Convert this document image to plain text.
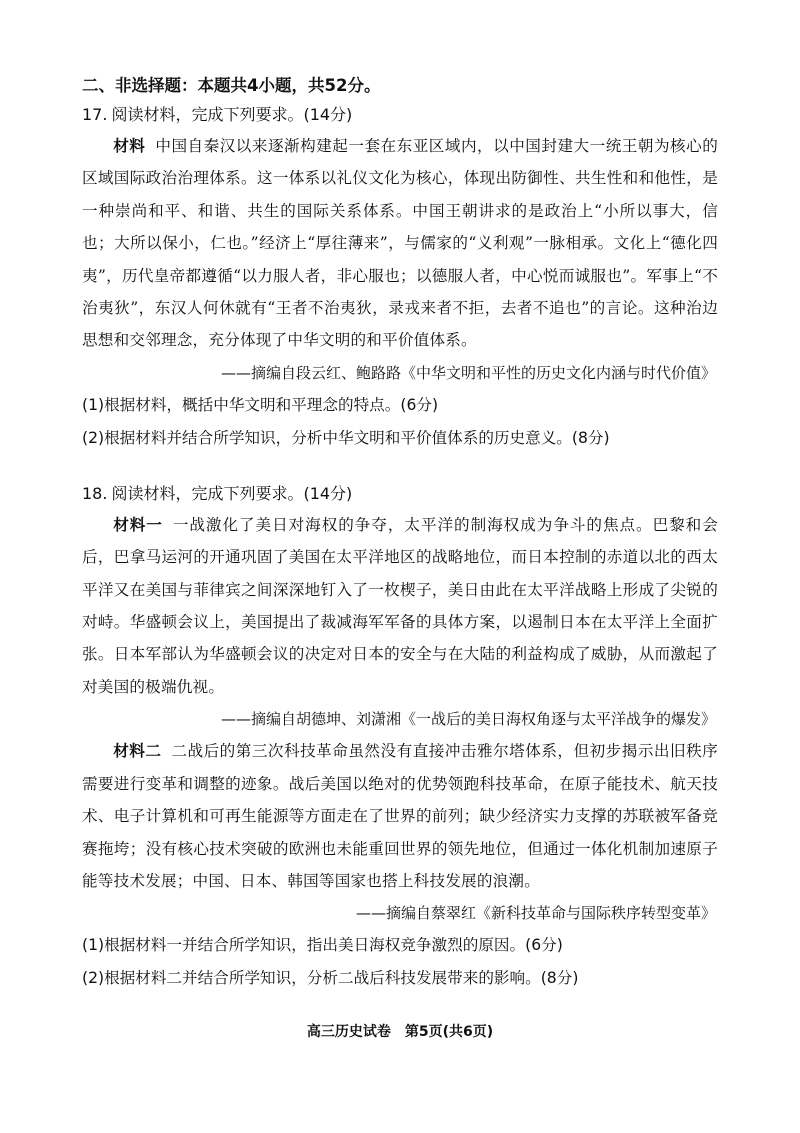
二、非选择题：本题共4小题，共52分。

17. 阅读材料，完成下列要求。(14分)

材料 中国自秦汉以来逐渐构建起一套在东亚区域内，以中国封建大一统王朝为核心的区域国际政治治理体系。这一体系以礼仪文化为核心，体现出防御性、共生性和和他性，是一种崇尚和平、和谐、共生的国际关系体系。中国王朝讲求的是政治上“小所以事大，信也；大所以保小，仁也。”经济上“厚往薄来”，与儒家的“义利观”一脉相承。文化上“德化四夷”，历代皇帝都遵循“以力服人者，非心服也；以德服人者，中心悦而诚服也”。军事上“不治夷狄”，东汉人何休就有“王者不治夷狄，录戎来者不拒，去者不追也”的言论。这种治边思想和交邻理念，充分体现了中华文明的和平价值体系。

——摘编自段云红、鲍路路《中华文明和平性的历史文化内涵与时代价值》

(1)根据材料，概括中华文明和平理念的特点。(6分)

(2)根据材料并结合所学知识，分析中华文明和平价值体系的历史意义。(8分)

18. 阅读材料，完成下列要求。(14分)

材料一 一战激化了美日对海权的争夺，太平洋的制海权成为争斗的焦点。巴黎和会后，巴拿马运河的开通巩固了美国在太平洋地区的战略地位，而日本控制的赤道以北的西太平洋又在美国与菲律宾之间深深地钉入了一枚楔子，美日由此在太平洋战略上形成了尖锐的对峙。华盛顿会议上，美国提出了裁减海军军备的具体方案，以遏制日本在太平洋上全面扩张。日本军部认为华盛顿会议的决定对日本的安全与在大陆的利益构成了威胁，从而激起了对美国的极端仇视。

——摘编自胡德坤、刘潇湘《一战后的美日海权角逐与太平洋战争的爆发》

材料二 二战后的第三次科技革命虽然没有直接冲击雅尔塔体系，但初步揭示出旧秩序需要进行变革和调整的迹象。战后美国以绝对的优势领跑科技革命，在原子能技术、航天技术、电子计算机和可再生能源等方面走在了世界的前列；缺少经济实力支撑的苏联被军备竞赛拖垮；没有核心技术突破的欧洲也未能重回世界的领先地位，但通过一体化机制加速原子能等技术发展；中国、日本、韩国等国家也搭上科技发展的浪潮。

——摘编自蔡翠红《新科技革命与国际秩序转型变革》

(1)根据材料一并结合所学知识，指出美日海权竞争激烈的原因。(6分)

(2)根据材料二并结合所学知识，分析二战后科技发展带来的影响。(8分)

高三历史试卷　第5页(共6页)
